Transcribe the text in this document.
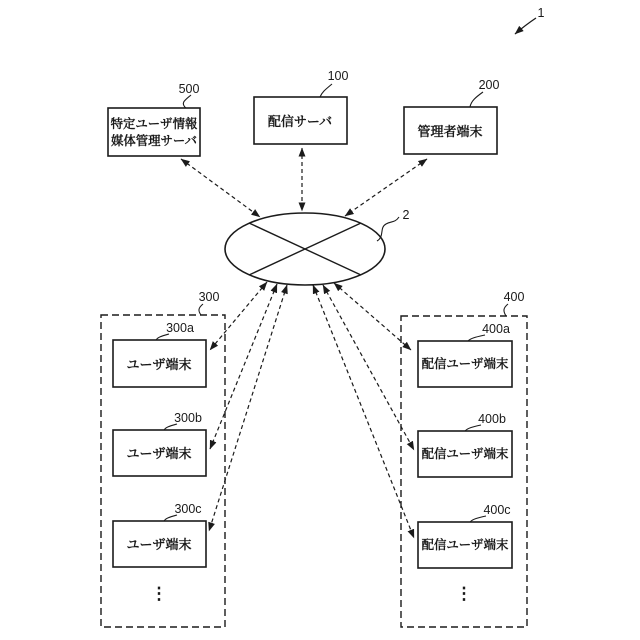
1
500
特定ユーザ情報
媒体管理サーバ
100
配信サーバ
200
管理者端末
2
300
300a
ユーザ端末
300b
ユーザ端末
300c
ユーザ端末
⋮
400
400a
配信ユーザ端末
400b
配信ユーザ端末
400c
配信ユーザ端末
⋮
